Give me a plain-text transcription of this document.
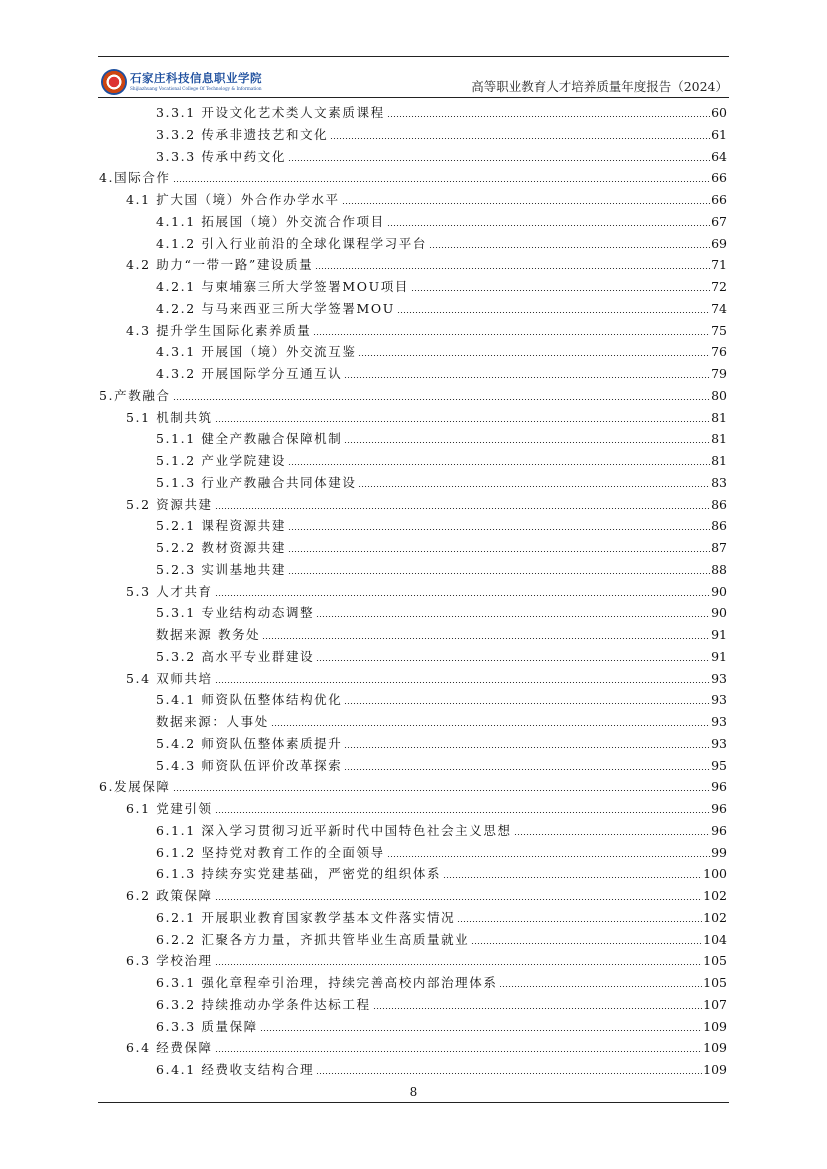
石家庄科技信息职业学院
Shijiazhuang Vocational College Of Technology & Information	高等职业教育人才培养质量年度报告（2024）
3.3.1 开设文化艺术类人文素质课程	60
3.3.2 传承非遗技艺和文化	61
3.3.3 传承中药文化	64
4.国际合作	66
4.1 扩大国（境）外合作办学水平	66
4.1.1 拓展国（境）外交流合作项目	67
4.1.2 引入行业前沿的全球化课程学习平台	69
4.2 助力“一带一路”建设质量	71
4.2.1 与柬埔寨三所大学签署MOU项目	72
4.2.2 与马来西亚三所大学签署MOU	74
4.3 提升学生国际化素养质量	75
4.3.1 开展国（境）外交流互鉴	76
4.3.2 开展国际学分互通互认	79
5.产教融合	80
5.1 机制共筑	81
5.1.1 健全产教融合保障机制	81
5.1.2 产业学院建设	81
5.1.3 行业产教融合共同体建设	83
5.2 资源共建	86
5.2.1 课程资源共建	86
5.2.2 教材资源共建	87
5.2.3 实训基地共建	88
5.3 人才共育	90
5.3.1 专业结构动态调整	90
数据来源 教务处	91
5.3.2 高水平专业群建设	91
5.4 双师共培	93
5.4.1 师资队伍整体结构优化	93
数据来源：人事处	93
5.4.2 师资队伍整体素质提升	93
5.4.3 师资队伍评价改革探索	95
6.发展保障	96
6.1 党建引领	96
6.1.1 深入学习贯彻习近平新时代中国特色社会主义思想	96
6.1.2 坚持党对教育工作的全面领导	99
6.1.3 持续夯实党建基础，严密党的组织体系	100
6.2 政策保障	102
6.2.1 开展职业教育国家教学基本文件落实情况	102
6.2.2 汇聚各方力量，齐抓共管毕业生高质量就业	104
6.3 学校治理	105
6.3.1 强化章程牵引治理，持续完善高校内部治理体系	105
6.3.2 持续推动办学条件达标工程	107
6.3.3 质量保障	109
6.4 经费保障	109
6.4.1 经费收支结构合理	109
8
